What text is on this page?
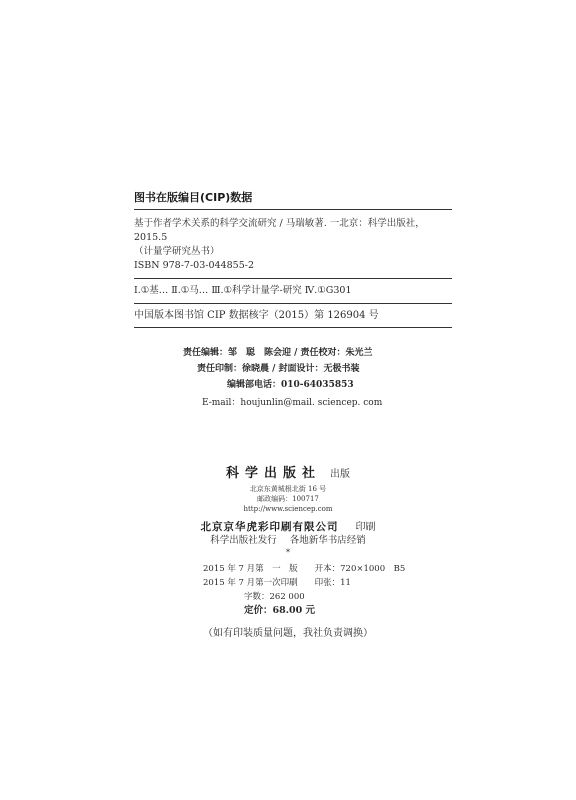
图书在版编目(CIP)数据
基于作者学术关系的科学交流研究 / 马瑞敏著. 一北京：科学出版社，
2015.5
（计量学研究丛书）
ISBN 978-7-03-044855-2
Ⅰ.①基… Ⅱ.①马… Ⅲ.①科学计量学-研究 Ⅳ.①G301
中国版本图书馆 CIP 数据核字（2015）第 126904 号
责任编辑：邹　聪　陈会迎 / 责任校对：朱光兰
责任印制：徐晓晨 / 封面设计：无极书装
编辑部电话：010-64035853
E-mail：houjunlin@mail. sciencep. com
科学出版社 出版
北京东黄城根北街 16 号
邮政编码：100717
http://www.sciencep.com
北京京华虎彩印刷有限公司 印刷
科学出版社发行 各地新华书店经销
*
2015 年 7 月第　一　版　　开本：720×1000　B5
2015 年 7 月第一次印刷　　印张：11
字数：262 000
定价：68.00 元
（如有印装质量问题，我社负责调换）
